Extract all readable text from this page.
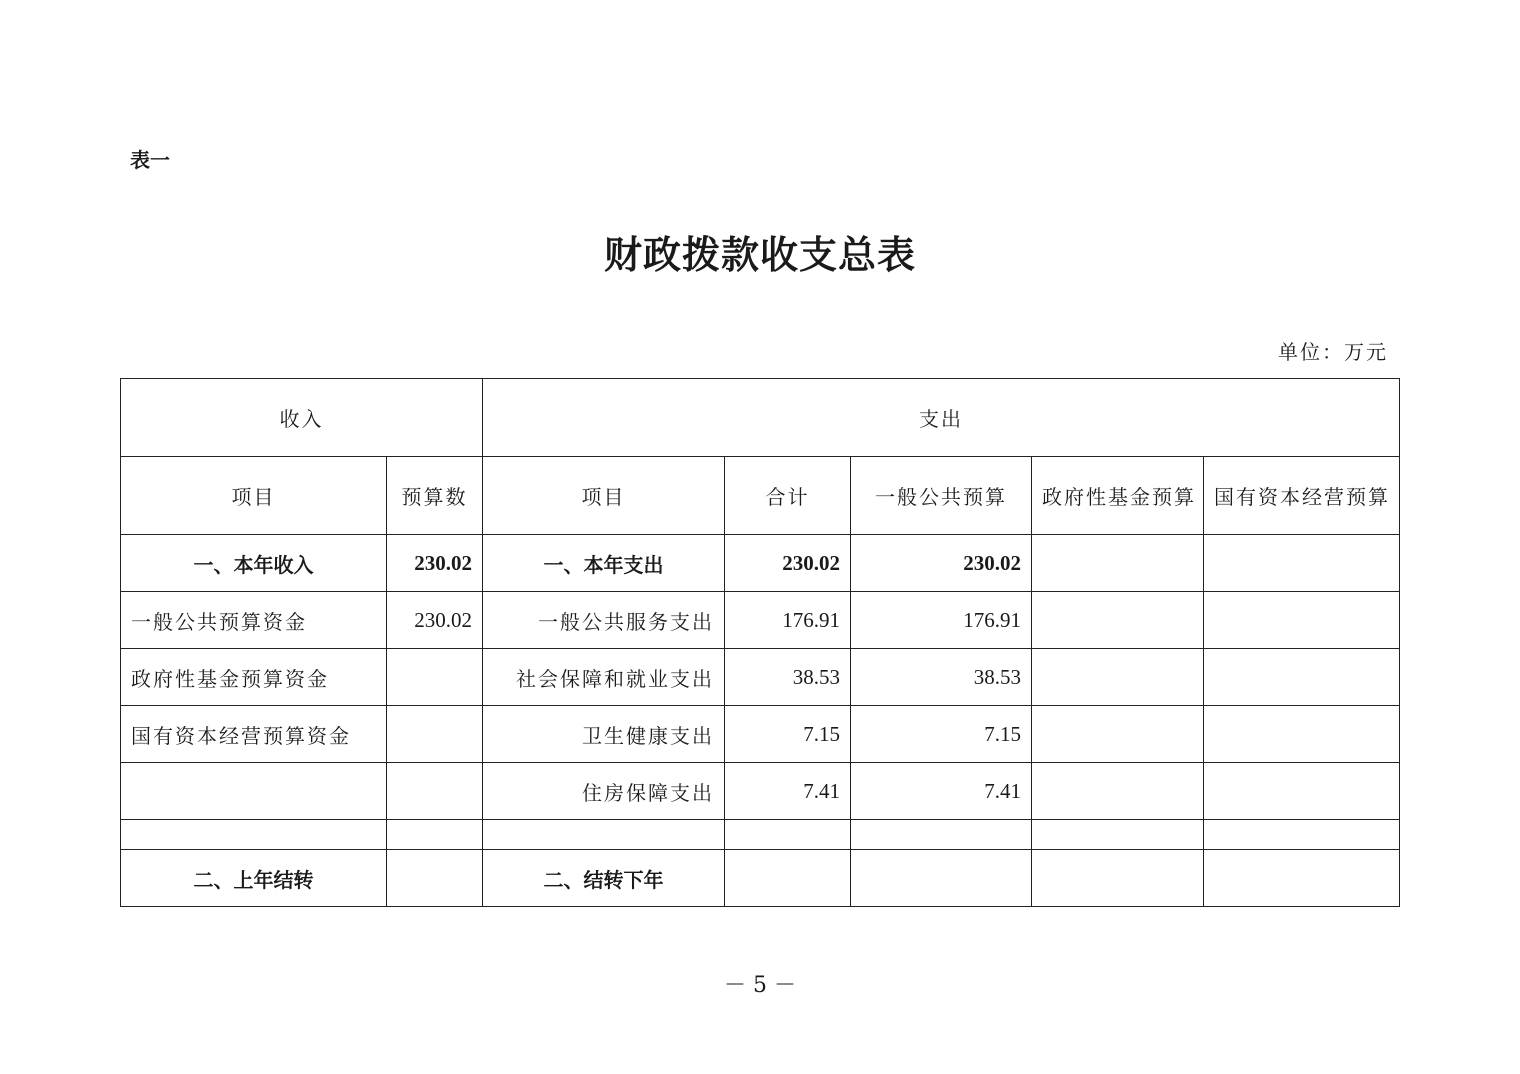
表一
财政拨款收支总表
单位：万元
收入		支出				
项目	预算数	项目	合计	一般公共预算	政府性基金预算	国有资本经营预算
一、本年收入	230.02	一、本年支出	230.02	230.02		
一般公共预算资金	230.02	一般公共服务支出	176.91	176.91		
政府性基金预算资金		社会保障和就业支出	38.53	38.53		
国有资本经营预算资金		卫生健康支出	7.15	7.15		
		住房保障支出	7.41	7.41		

二、上年结转		二、结转下年				
－ 5 －
